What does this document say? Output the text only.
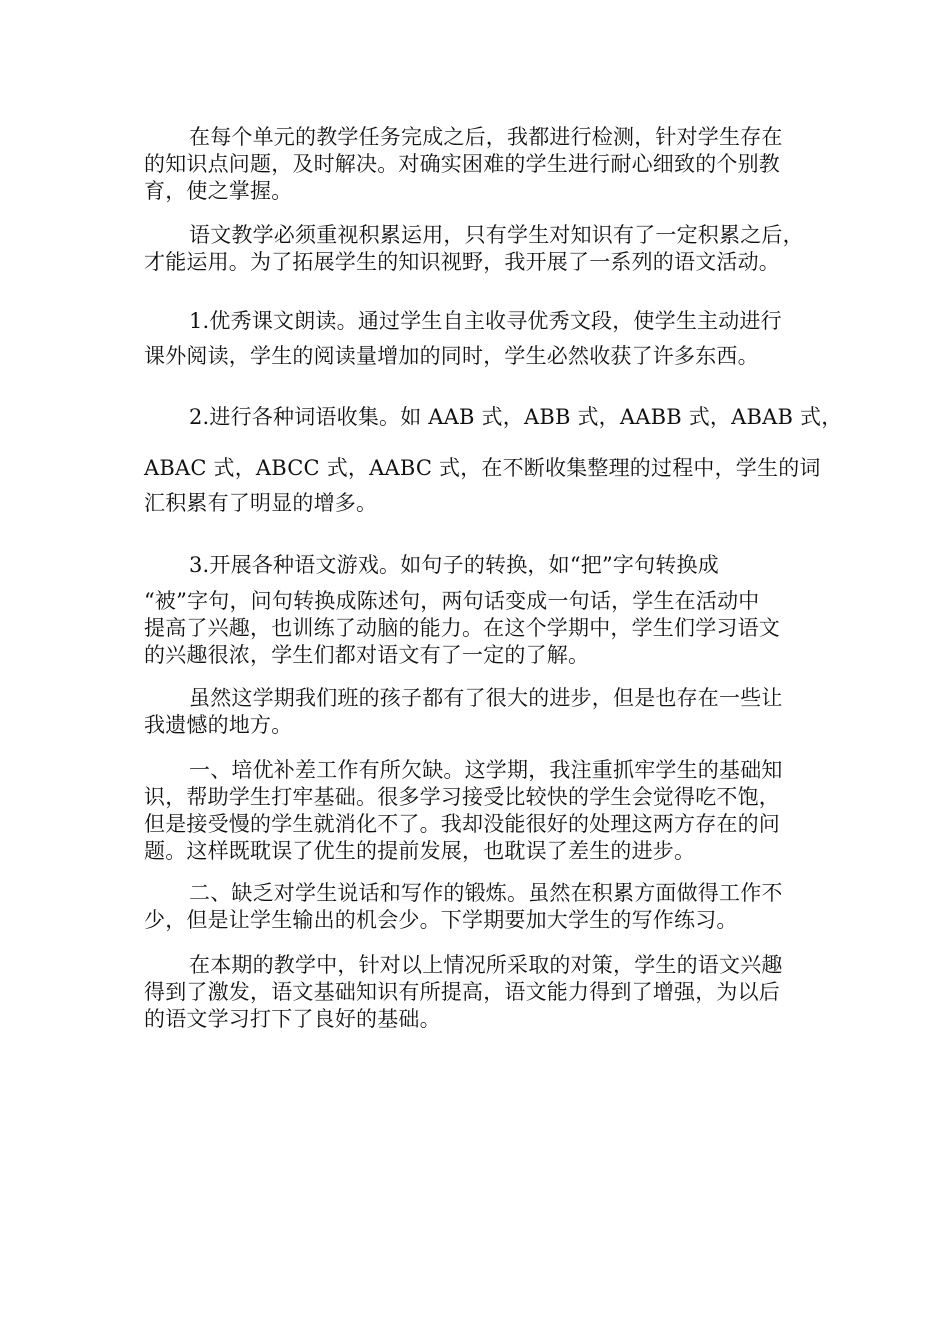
在每个单元的教学任务完成之后，我都进行检测，针对学生存在
的知识点问题，及时解决。对确实困难的学生进行耐心细致的个别教
育，使之掌握。
语文教学必须重视积累运用，只有学生对知识有了一定积累之后，
才能运用。为了拓展学生的知识视野，我开展了一系列的语文活动。
1.优秀课文朗读。通过学生自主收寻优秀文段，使学生主动进行
课外阅读，学生的阅读量增加的同时，学生必然收获了许多东西。
2.进行各种词语收集。如 AAB 式，ABB 式，AABB 式，ABAB 式，
ABAC 式，ABCC 式，AABC 式，在不断收集整理的过程中，学生的词
汇积累有了明显的增多。
3.开展各种语文游戏。如句子的转换，如“把”字句转换成
“被”字句，问句转换成陈述句，两句话变成一句话，学生在活动中
提高了兴趣，也训练了动脑的能力。在这个学期中，学生们学习语文
的兴趣很浓，学生们都对语文有了一定的了解。
虽然这学期我们班的孩子都有了很大的进步，但是也存在一些让
我遗憾的地方。
一、培优补差工作有所欠缺。这学期，我注重抓牢学生的基础知
识，帮助学生打牢基础。很多学习接受比较快的学生会觉得吃不饱，
但是接受慢的学生就消化不了。我却没能很好的处理这两方存在的问
题。这样既耽误了优生的提前发展，也耽误了差生的进步。
二、缺乏对学生说话和写作的锻炼。虽然在积累方面做得工作不
少，但是让学生输出的机会少。下学期要加大学生的写作练习。
在本期的教学中，针对以上情况所采取的对策，学生的语文兴趣
得到了激发，语文基础知识有所提高，语文能力得到了增强，为以后
的语文学习打下了良好的基础。
